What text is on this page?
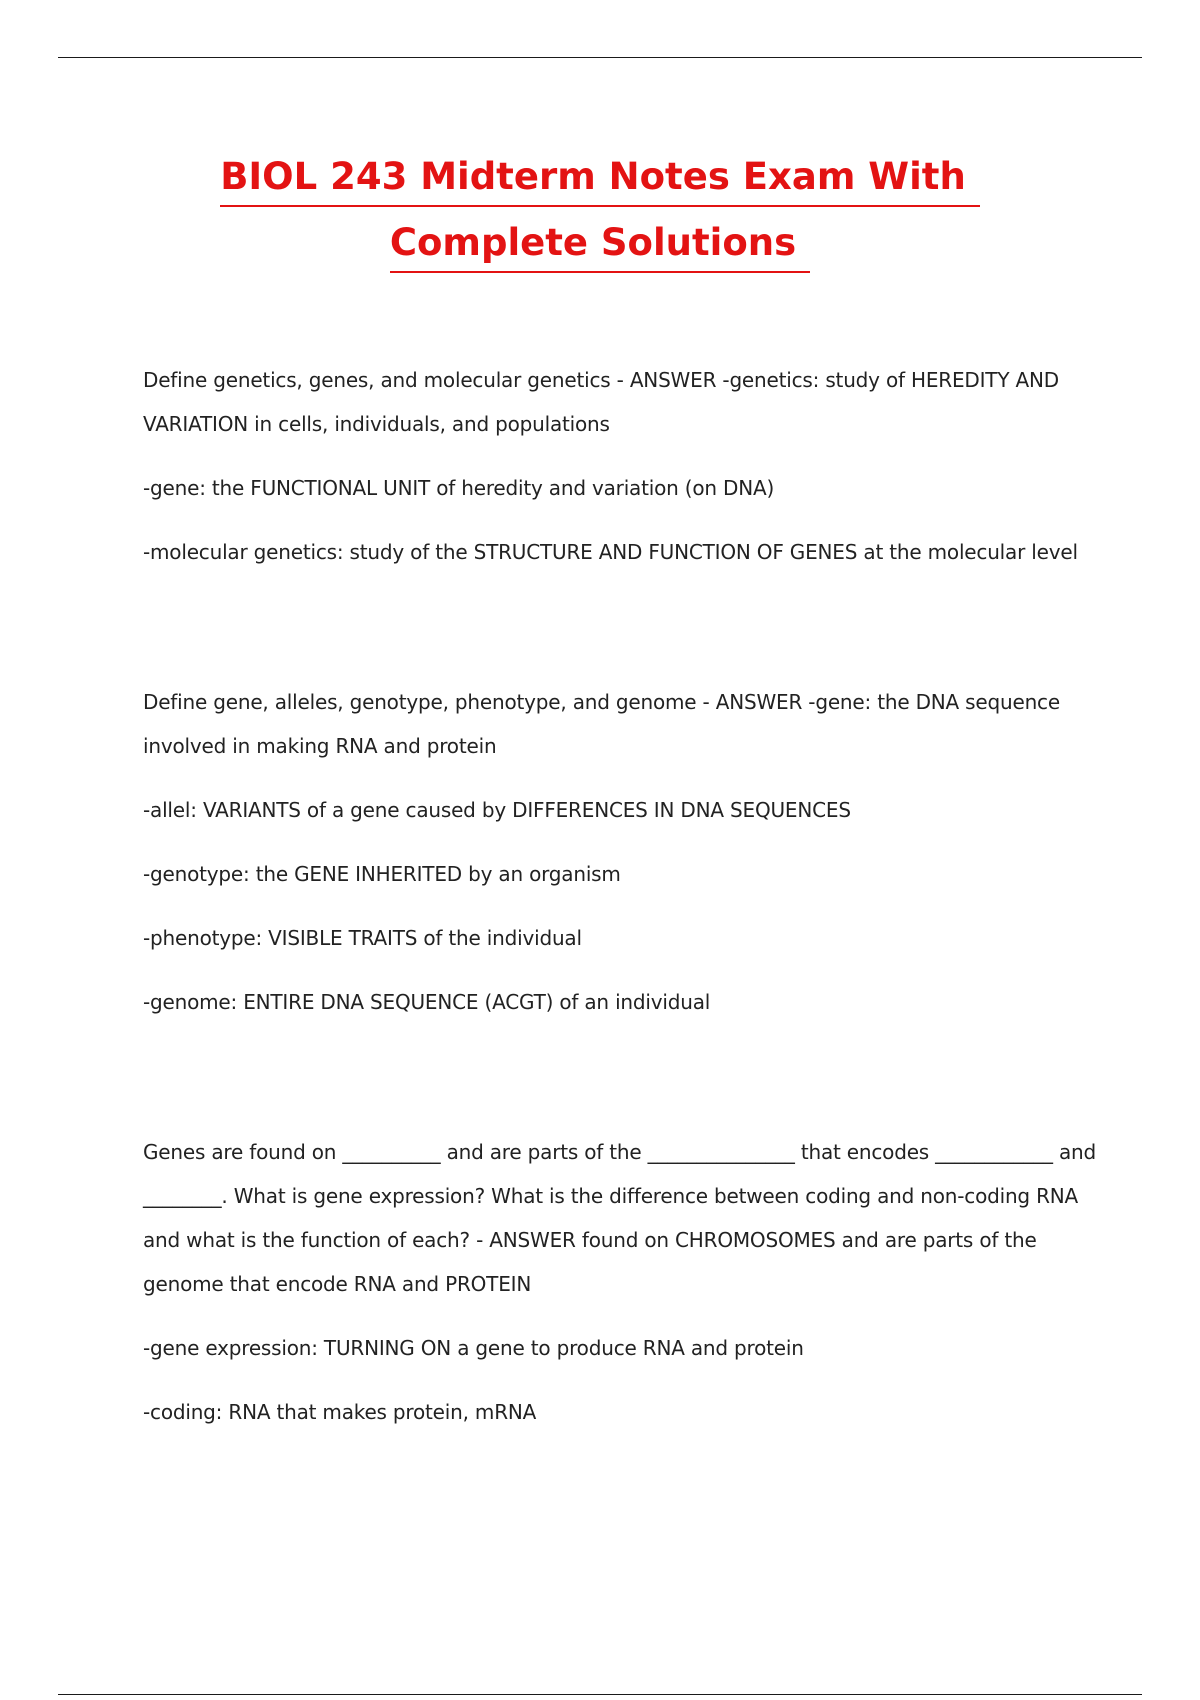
BIOL 243 Midterm Notes Exam With
Complete Solutions

Define genetics, genes, and molecular genetics - ANSWER -genetics: study of HEREDITY AND VARIATION in cells, individuals, and populations

-gene: the FUNCTIONAL UNIT of heredity and variation (on DNA)

-molecular genetics: study of the STRUCTURE AND FUNCTION OF GENES at the molecular level

Define gene, alleles, genotype, phenotype, and genome - ANSWER -gene: the DNA sequence involved in making RNA and protein

-allel: VARIANTS of a gene caused by DIFFERENCES IN DNA SEQUENCES

-genotype: the GENE INHERITED by an organism

-phenotype: VISIBLE TRAITS of the individual

-genome: ENTIRE DNA SEQUENCE (ACGT) of an individual

Genes are found on __________ and are parts of the _______________ that encodes ____________ and ________. What is gene expression? What is the difference between coding and non-coding RNA and what is the function of each? - ANSWER found on CHROMOSOMES and are parts of the genome that encode RNA and PROTEIN

-gene expression: TURNING ON a gene to produce RNA and protein

-coding: RNA that makes protein, mRNA
